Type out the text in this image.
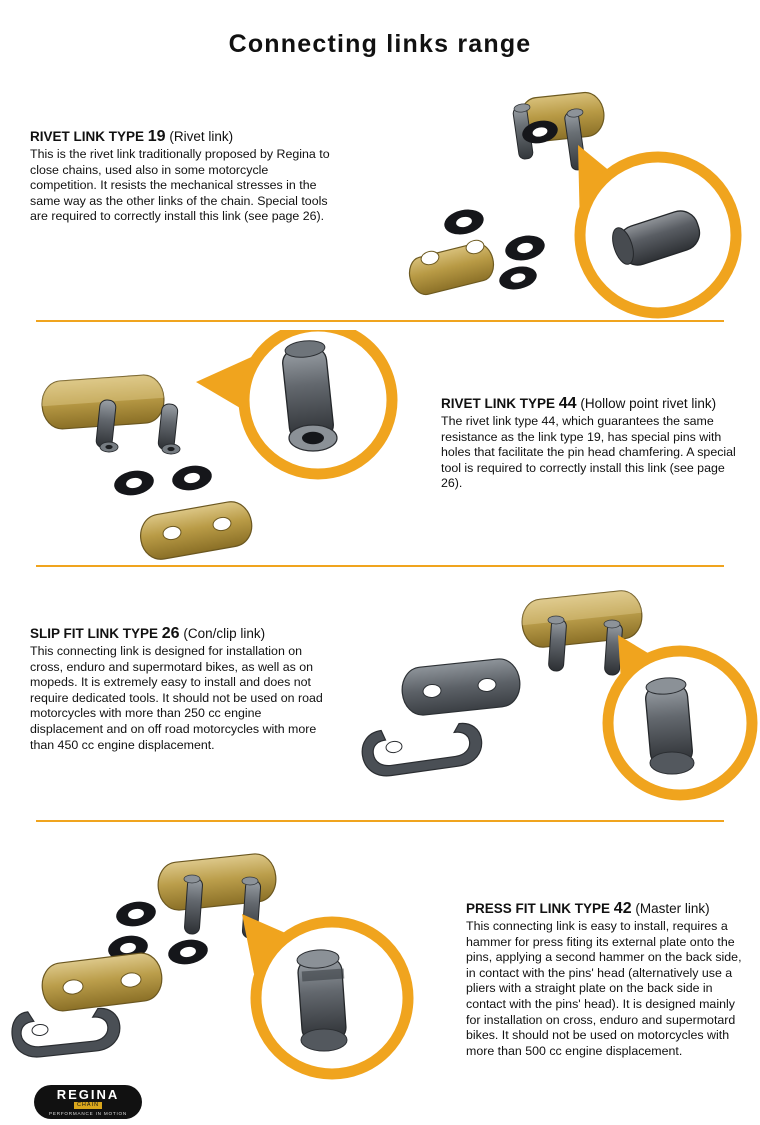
Connecting links range
RIVET LINK TYPE 19 (Rivet link)
This is the rivet link traditionally proposed by Regina to close chains, used also in some motorcycle competition. It resists the mechanical stresses in the same way as the other links of the chain. Special tools are required to correctly install this link (see page 26).
RIVET LINK TYPE 44 (Hollow point rivet link)
The rivet link type 44, which guarantees the same resistance as the link type 19, has special pins with holes that facilitate the pin head chamfering. A special tool is required to correctly install this link (see page 26).
SLIP FIT LINK TYPE 26 (Con/clip link)
This connecting link is designed for installation on cross, enduro and supermotard bikes, as well as on mopeds. It is extremely easy to install and does not require dedicated tools. It should not be used on road motorcycles with more than 250 cc engine displacement and on off road motorcycles with more than 450 cc engine displacement.
PRESS FIT LINK TYPE 42 (Master link)
This connecting link is easy to install, requires a hammer for press fiting its external plate onto the pins, applying a second hammer on the back side, in contact with the pins' head (alternatively use a pliers with a straight plate on the back side in contact with the pins' head). It is designed mainly for installation on cross, enduro and supermotard bikes. It should not be used on motorcycles with more than 500 cc engine displacement.
REGINA
CHAIN
PERFORMANCE IN MOTION
